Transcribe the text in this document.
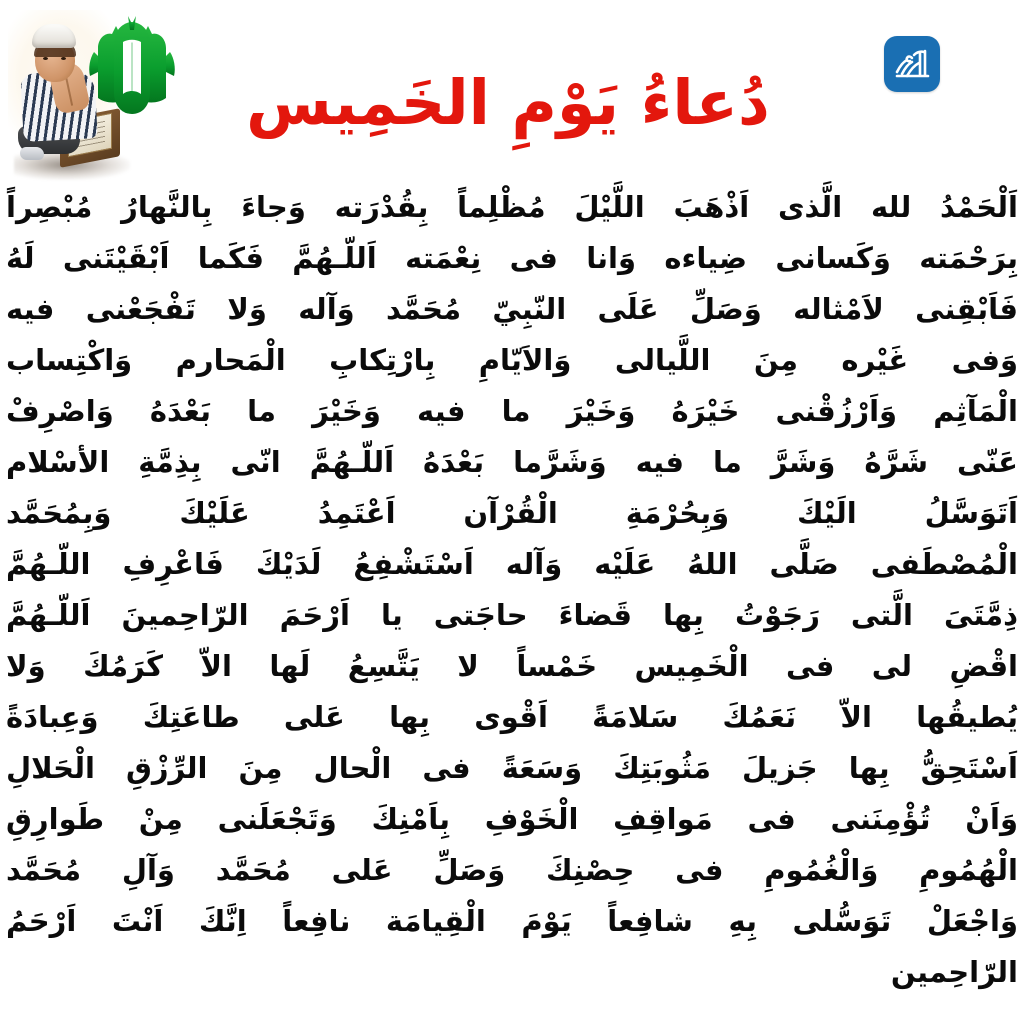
دُعاءُ يَوْمِ الخَمِيس
اَلْحَمْدُ لله الَّذى اَذْهَبَ اللَّيْلَ مُظْلِماً بِقُدْرَته وَجاءَ بِالنَّهارُ مُبْصِراً
بِرَحْمَته وَكَسانى ضِياءه وَانا فى نِعْمَته اَللّـهُمَّ فَكَما اَبْقَيْتَنى لَهُ
فَاَبْقِنى لاَمْثاله وَصَلِّ عَلَى النّبِيّ مُحَمَّد وَآله وَلا تَفْجَعْنى فيه
وَفى غَيْره مِنَ اللَّيالى وَالاَيّامِ بِارْتِكابِ الْمَحارم وَاكْتِساب
الْمَآثِم وَاَرْزُقْنى خَيْرَهُ وَخَيْرَ ما فيه وَخَيْرَ ما بَعْدَهُ وَاصْرِفْ
عَنّى شَرَّهُ وَشَرَّ ما فيه وَشَرَّما بَعْدَهُ اَللّـهُمَّ انّى بِذِمَّةِ الأسْلام
اَتَوَسَّلُ الَيْكَ وَبِحُرْمَةِ الْقُرْآن اَعْتَمِدُ عَلَيْكَ وَبِمُحَمَّد
الْمُصْطَفى صَلَّى اللهُ عَلَيْه وَآله اَسْتَشْفِعُ لَدَيْكَ فَاعْرِفِ اللّـهُمَّ
ذِمَّتَىَ الَّتى رَجَوْتُ بِها قَضاءَ حاجَتى يا اَرْحَمَ الرّاحِمينَ اَللّـهُمَّ
اقْضِ لى فى الْخَمِيس خَمْساً لا يَتَّسِعُ لَها الاّ كَرَمُكَ وَلا
يُطيقُها الاّ نَعَمُكَ سَلامَةً اَقْوى بِها عَلى طاعَتِكَ وَعِبادَةً
اَسْتَحِقُّ بِها جَزيلَ مَثُوبَتِكَ وَسَعَةً فى الْحال مِنَ الرِّزْقِ الْحَلالِ
وَاَنْ تُؤْمِنَنى فى مَواقِفِ الْخَوْفِ بِاَمْنِكَ وَتَجْعَلَنى مِنْ طَوارِقِ
الْهُمُومِ وَالْغُمُومِ فى حِصْنِكَ وَصَلِّ عَلى مُحَمَّد وَآلِ مُحَمَّد
وَاجْعَلْ تَوَسُّلى بِهِ شافِعاً يَوْمَ الْقِيامَة نافِعاً اِنَّكَ اَنْتَ اَرْحَمُ
الرّاحِمين
